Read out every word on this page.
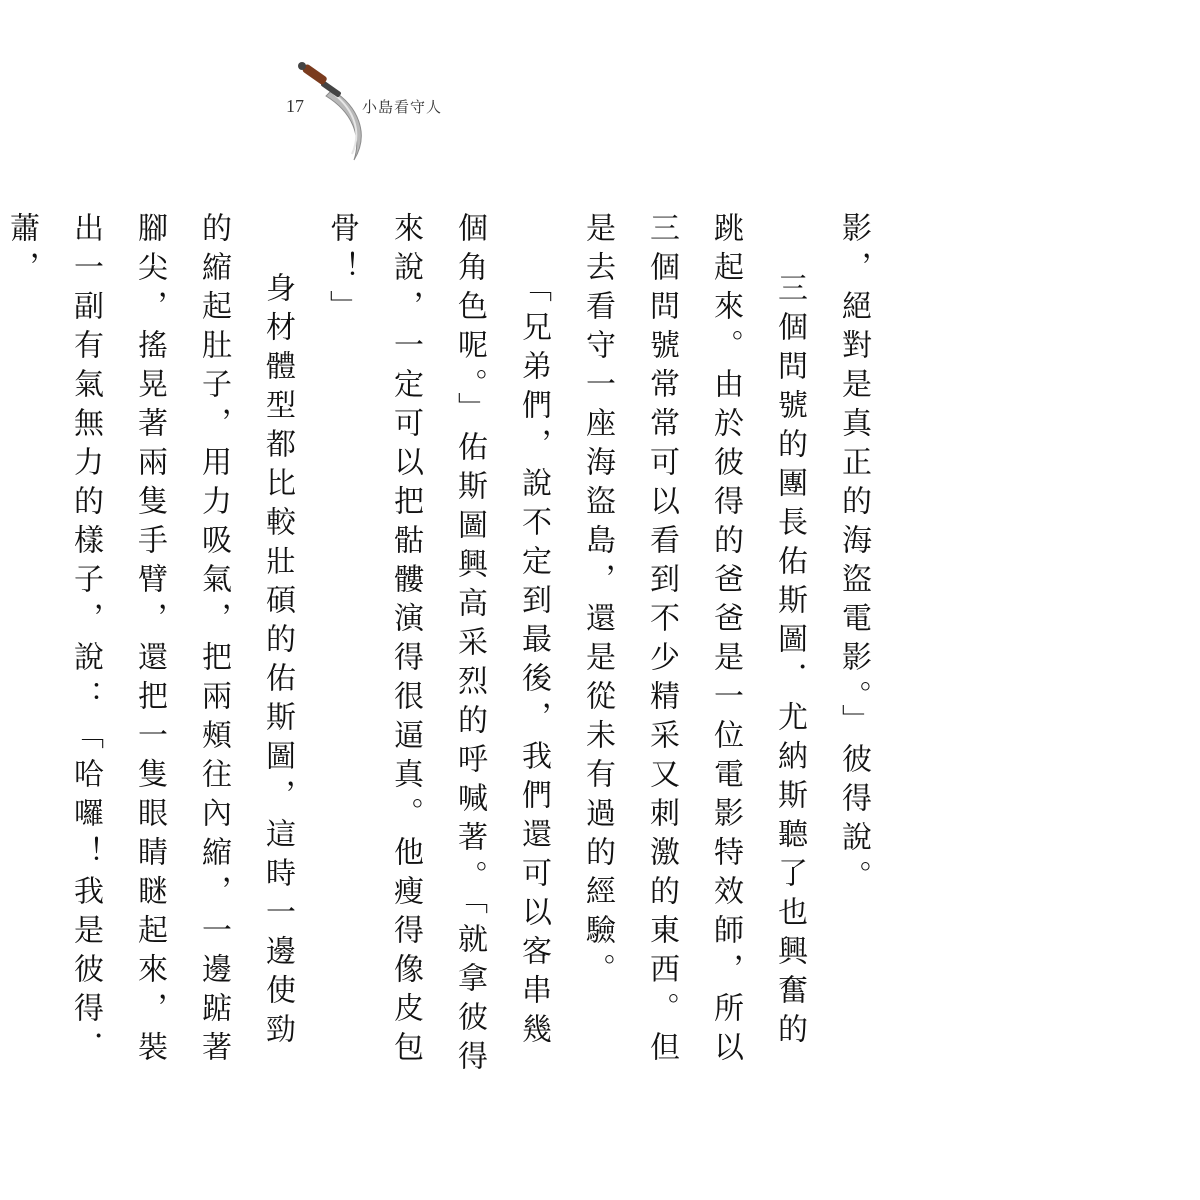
17	小島看守人

影，絕對是真正的海盜電影。」彼得說。

三個問號的團長佑斯圖．尤納斯聽了也興奮的跳起來。由於彼得的爸爸是一位電影特效師，所以三個問號常常可以看到不少精采又刺激的東西。但是去看守一座海盜島，還是從未有過的經驗。

「兄弟們，說不定到最後，我們還可以客串幾個角色呢。」佑斯圖興高采烈的呼喊著。「就拿彼得來說，一定可以把骷髏演得很逼真。他瘦得像皮包骨！」

身材體型都比較壯碩的佑斯圖，這時一邊使勁的縮起肚子，用力吸氣，把兩頰往內縮，一邊踮著腳尖，搖晃著兩隻手臂，還把一隻眼睛瞇起來，裝出一副有氣無力的樣子，說：「哈囉！我是彼得．蕭，
